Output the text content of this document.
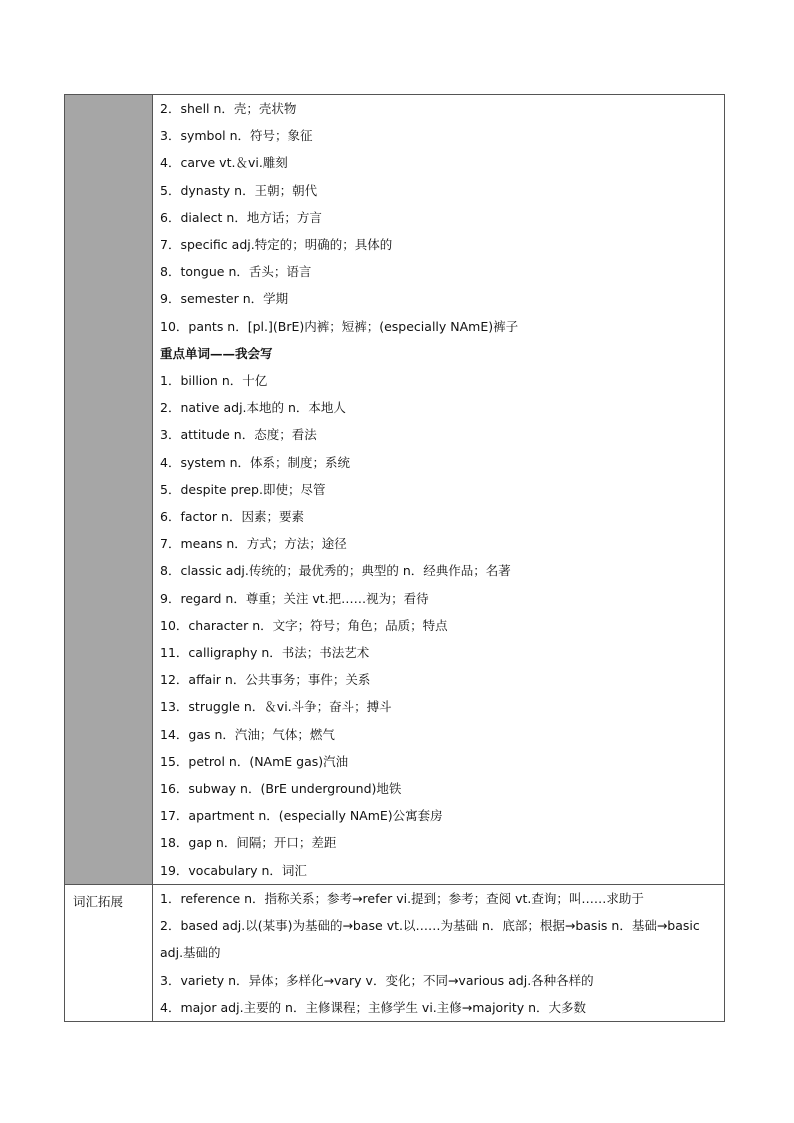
2．shell n．壳；壳状物
3．symbol n．符号；象征
4．carve vt.＆vi.雕刻
5．dynasty n．王朝；朝代
6．dialect n．地方话；方言
7．specific adj.特定的；明确的；具体的
8．tongue n．舌头；语言
9．semester n．学期
10．pants n．[pl.](BrE)内裤；短裤；(especially NAmE)裤子
重点单词——我会写
1．billion n．十亿
2．native adj.本地的 n．本地人
3．attitude n．态度；看法
4．system n．体系；制度；系统
5．despite prep.即使；尽管
6．factor n．因素；要素
7．means n．方式；方法；途径
8．classic adj.传统的；最优秀的；典型的 n．经典作品；名著
9．regard n．尊重；关注 vt.把……视为；看待
10．character n．文字；符号；角色；品质；特点
11．calligraphy n．书法；书法艺术
12．affair n．公共事务；事件；关系
13．struggle n．＆vi.斗争；奋斗；搏斗
14．gas n．汽油；气体；燃气
15．petrol n．(NAmE gas)汽油
16．subway n．(BrE underground)地铁
17．apartment n．(especially NAmE)公寓套房
18．gap n．间隔；开口；差距
19．vocabulary n．词汇
词汇拓展	1．reference n．指称关系；参考→refer vi.提到；参考；查阅 vt.查询；叫……求助于
2．based adj.以(某事)为基础的→base vt.以……为基础 n．底部；根据→basis n．基础→basic adj.基础的
3．variety n．异体；多样化→vary v．变化；不同→various adj.各种各样的
4．major adj.主要的 n．主修课程；主修学生 vi.主修→majority n．大多数
